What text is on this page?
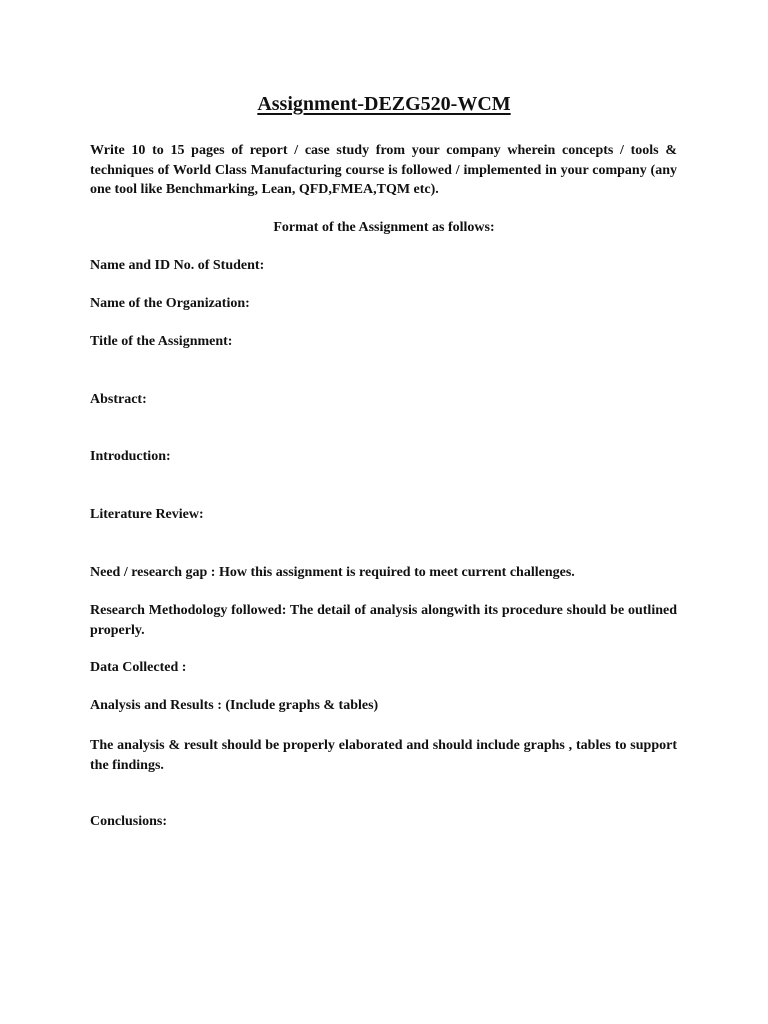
Assignment-DEZG520-WCM

Write 10 to 15 pages of report / case study from your company wherein concepts / tools & techniques of World Class Manufacturing course is followed / implemented in your company (any one tool like Benchmarking, Lean, QFD,FMEA,TQM etc).

Format of the Assignment as follows:

Name and ID No. of Student:

Name of the Organization:

Title of the Assignment:

Abstract:

Introduction:

Literature Review:

Need / research gap : How this assignment is required to meet current challenges.

Research Methodology followed: The detail of analysis alongwith its procedure should be outlined properly.

Data Collected :

Analysis and Results : (Include graphs & tables)

The analysis & result should be properly elaborated and should include graphs , tables to support the findings.

Conclusions:
